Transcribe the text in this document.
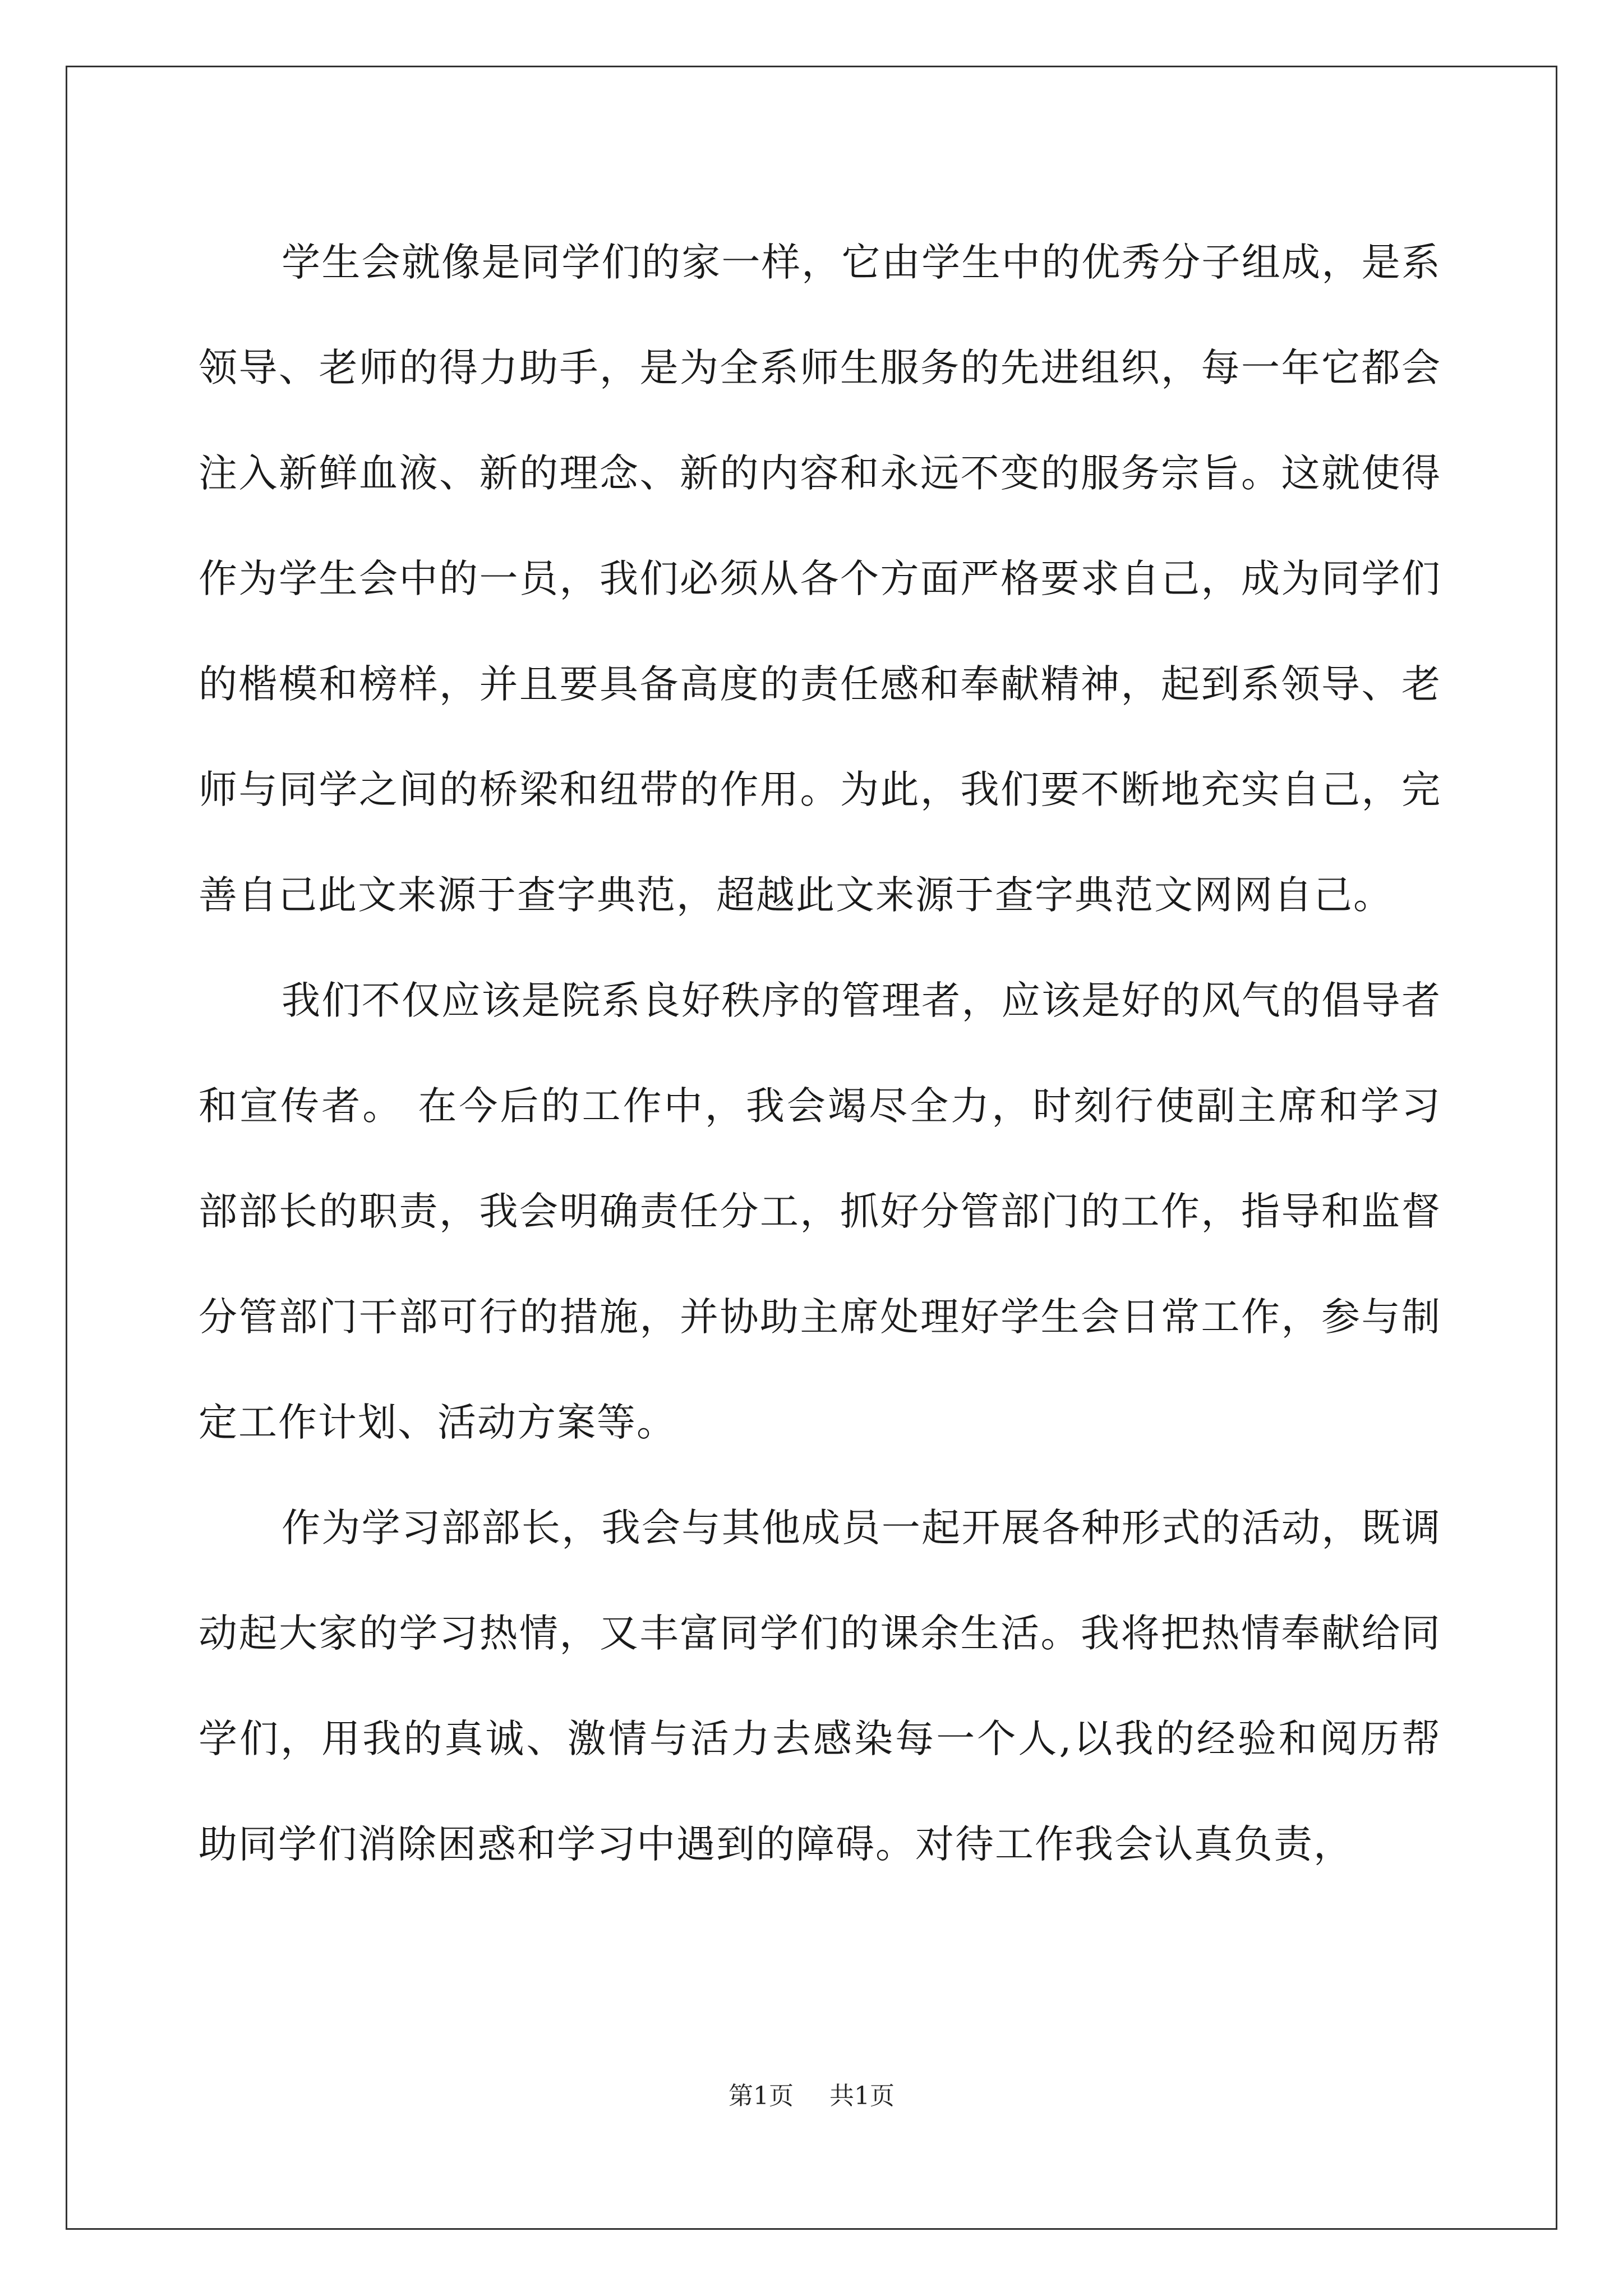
学生会就像是同学们的家一样，它由学生中的优秀分子组成，是系领导、老师的得力助手，是为全系师生服务的先进组织，每一年它都会注入新鲜血液、新的理念、新的内容和永远不变的服务宗旨。这就使得作为学生会中的一员，我们必须从各个方面严格要求自己，成为同学们的楷模和榜样，并且要具备高度的责任感和奉献精神，起到系领导、老师与同学之间的桥梁和纽带的作用。为此，我们要不断地充实自己，完善自己此文来源于查字典范，超越此文来源于查字典范文网网自己。

我们不仅应该是院系良好秩序的管理者，应该是好的风气的倡导者和宣传者。 在今后的工作中，我会竭尽全力，时刻行使副主席和学习部部长的职责，我会明确责任分工，抓好分管部门的工作，指导和监督分管部门干部可行的措施，并协助主席处理好学生会日常工作，参与制定工作计划、活动方案等。

作为学习部部长，我会与其他成员一起开展各种形式的活动，既调动起大家的学习热情，又丰富同学们的课余生活。我将把热情奉献给同学们，用我的真诚、激情与活力去感染每一个人,以我的经验和阅历帮助同学们消除困惑和学习中遇到的障碍。对待工作我会认真负责，

第1页 共1页
